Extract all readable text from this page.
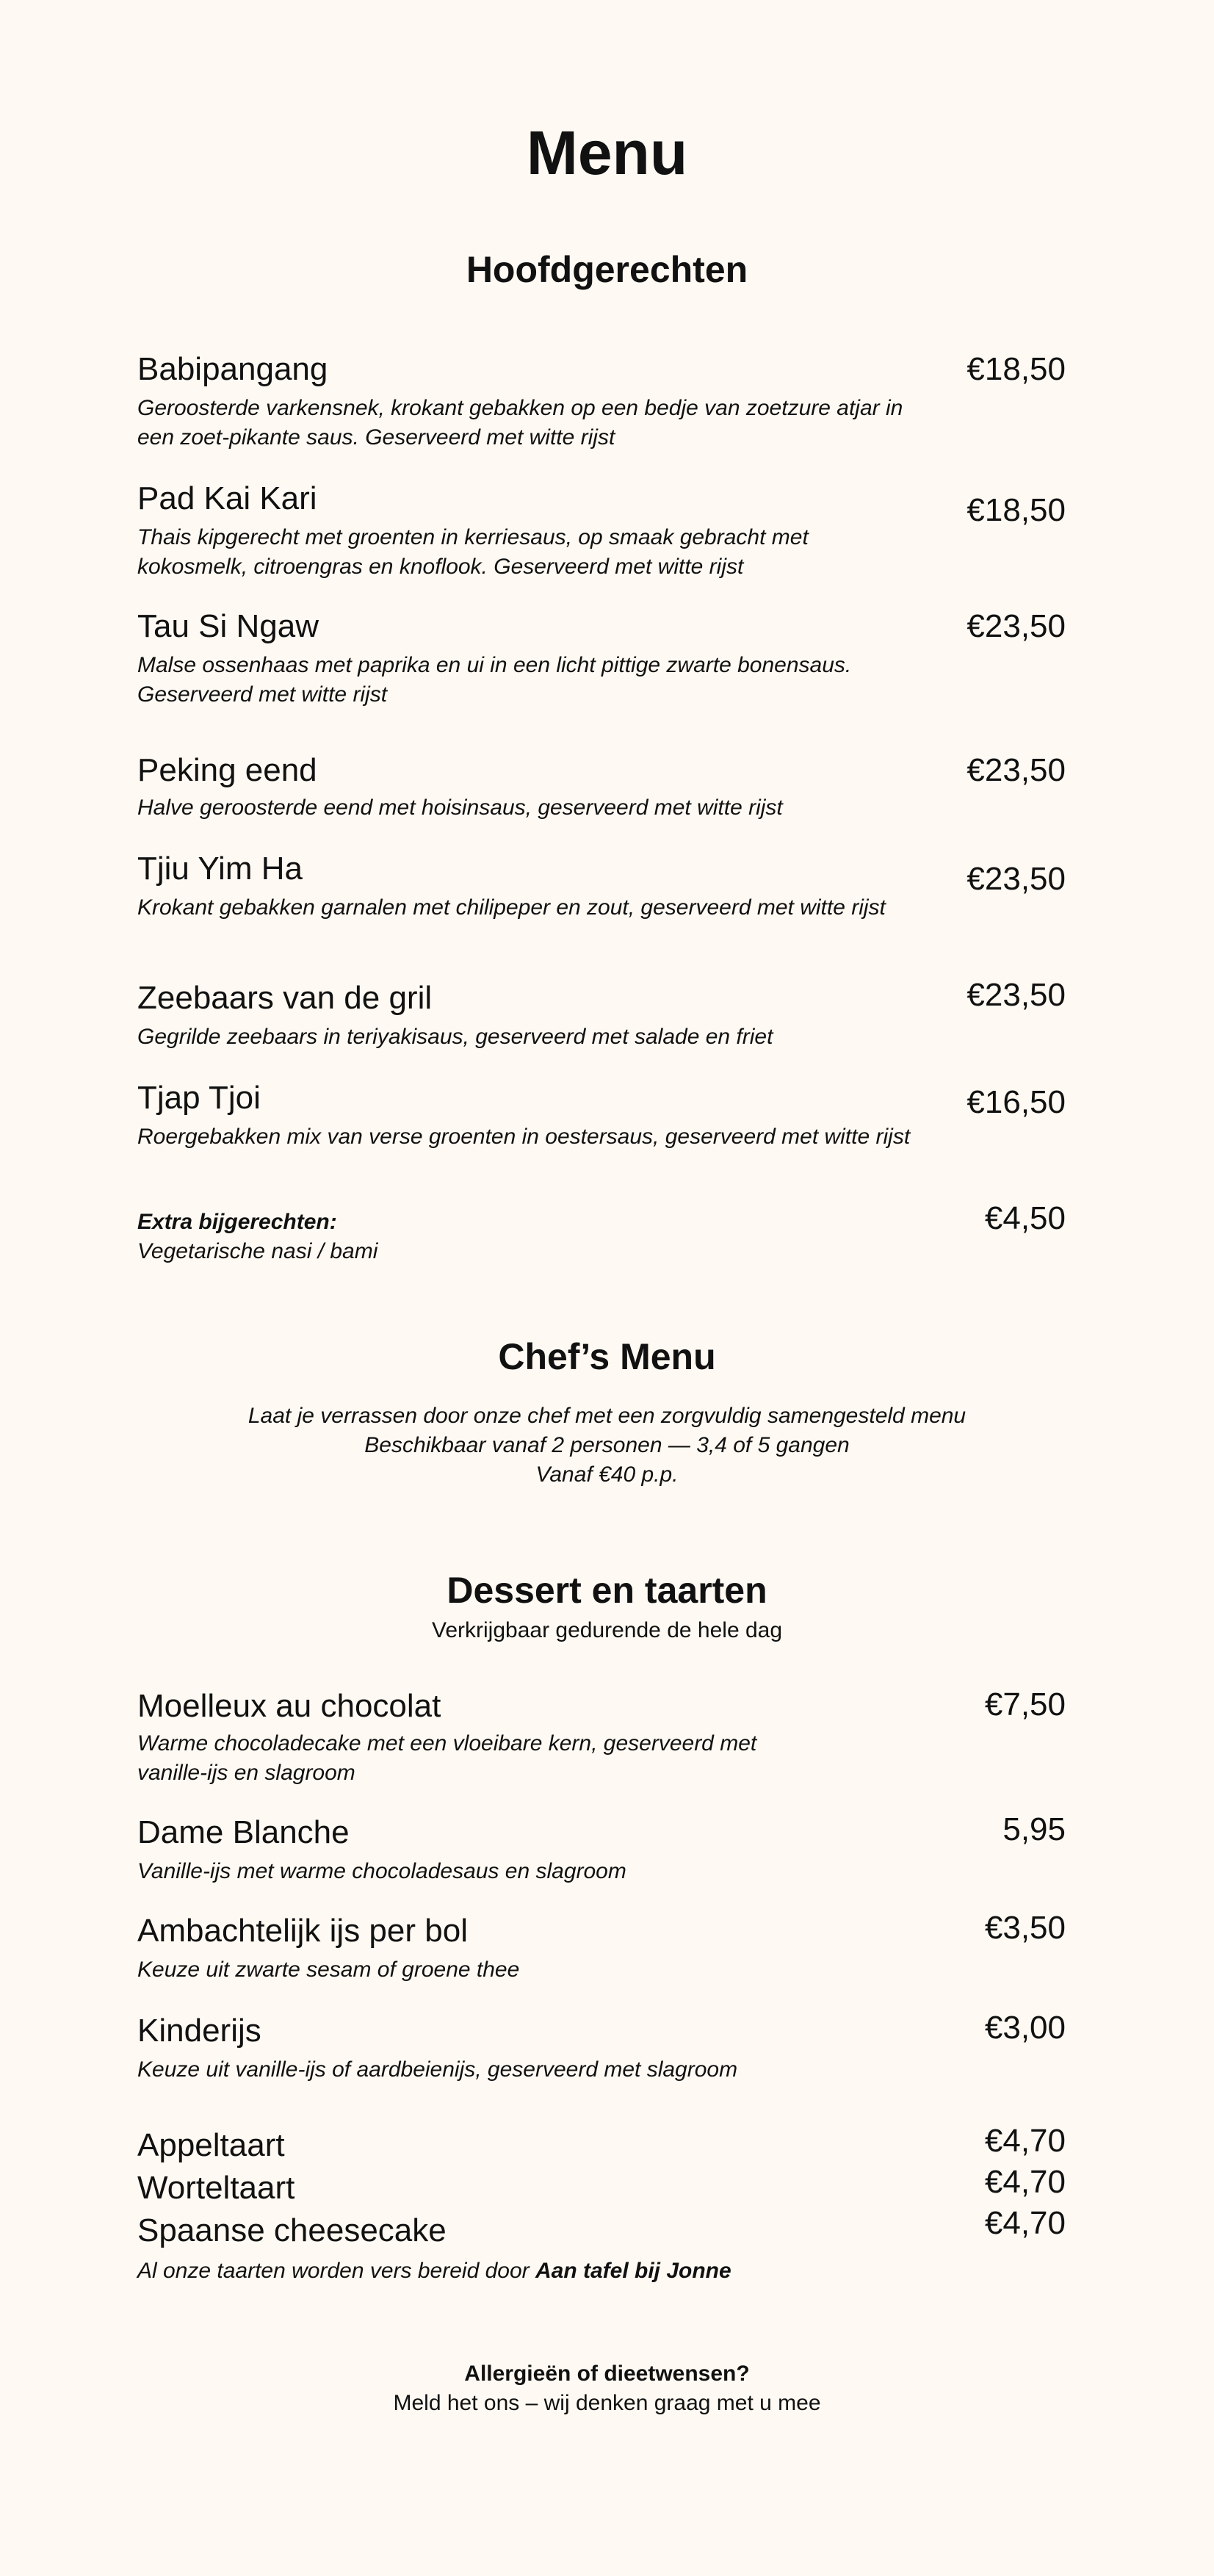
Menu
Hoofdgerechten
Babipangang	€18,50
Geroosterde varkensnek, krokant gebakken op een bedje van zoetzure atjar in een zoet-pikante saus. Geserveerd met witte rijst
Pad Kai Kari	€18,50
Thais kipgerecht met groenten in kerriesaus, op smaak gebracht met kokosmelk, citroengras en knoflook. Geserveerd met witte rijst
Tau Si Ngaw	€23,50
Malse ossenhaas met paprika en ui in een licht pittige zwarte bonensaus. Geserveerd met witte rijst
Peking eend	€23,50
Halve geroosterde eend met hoisinsaus, geserveerd met witte rijst
Tjiu Yim Ha	€23,50
Krokant gebakken garnalen met chilipeper en zout, geserveerd met witte rijst
Zeebaars van de gril	€23,50
Gegrilde zeebaars in teriyakisaus, geserveerd met salade en friet
Tjap Tjoi	€16,50
Roergebakken mix van verse groenten in oestersaus, geserveerd met witte rijst
Extra bijgerechten:	€4,50
Vegetarische nasi / bami
Chef’s Menu
Laat je verrassen door onze chef met een zorgvuldig samengesteld menu
Beschikbaar vanaf 2 personen — 3,4 of 5 gangen
Vanaf €40 p.p.
Dessert en taarten
Verkrijgbaar gedurende de hele dag
Moelleux au chocolat	€7,50
Warme chocoladecake met een vloeibare kern, geserveerd met vanille-ijs en slagroom
Dame Blanche	5,95
Vanille-ijs met warme chocoladesaus en slagroom
Ambachtelijk ijs per bol	€3,50
Keuze uit zwarte sesam of groene thee
Kinderijs	€3,00
Keuze uit vanille-ijs of aardbeienijs, geserveerd met slagroom
Appeltaart	€4,70
Worteltaart	€4,70
Spaanse cheesecake	€4,70
Al onze taarten worden vers bereid door Aan tafel bij Jonne
Allergieën of dieetwensen?
Meld het ons – wij denken graag met u mee
